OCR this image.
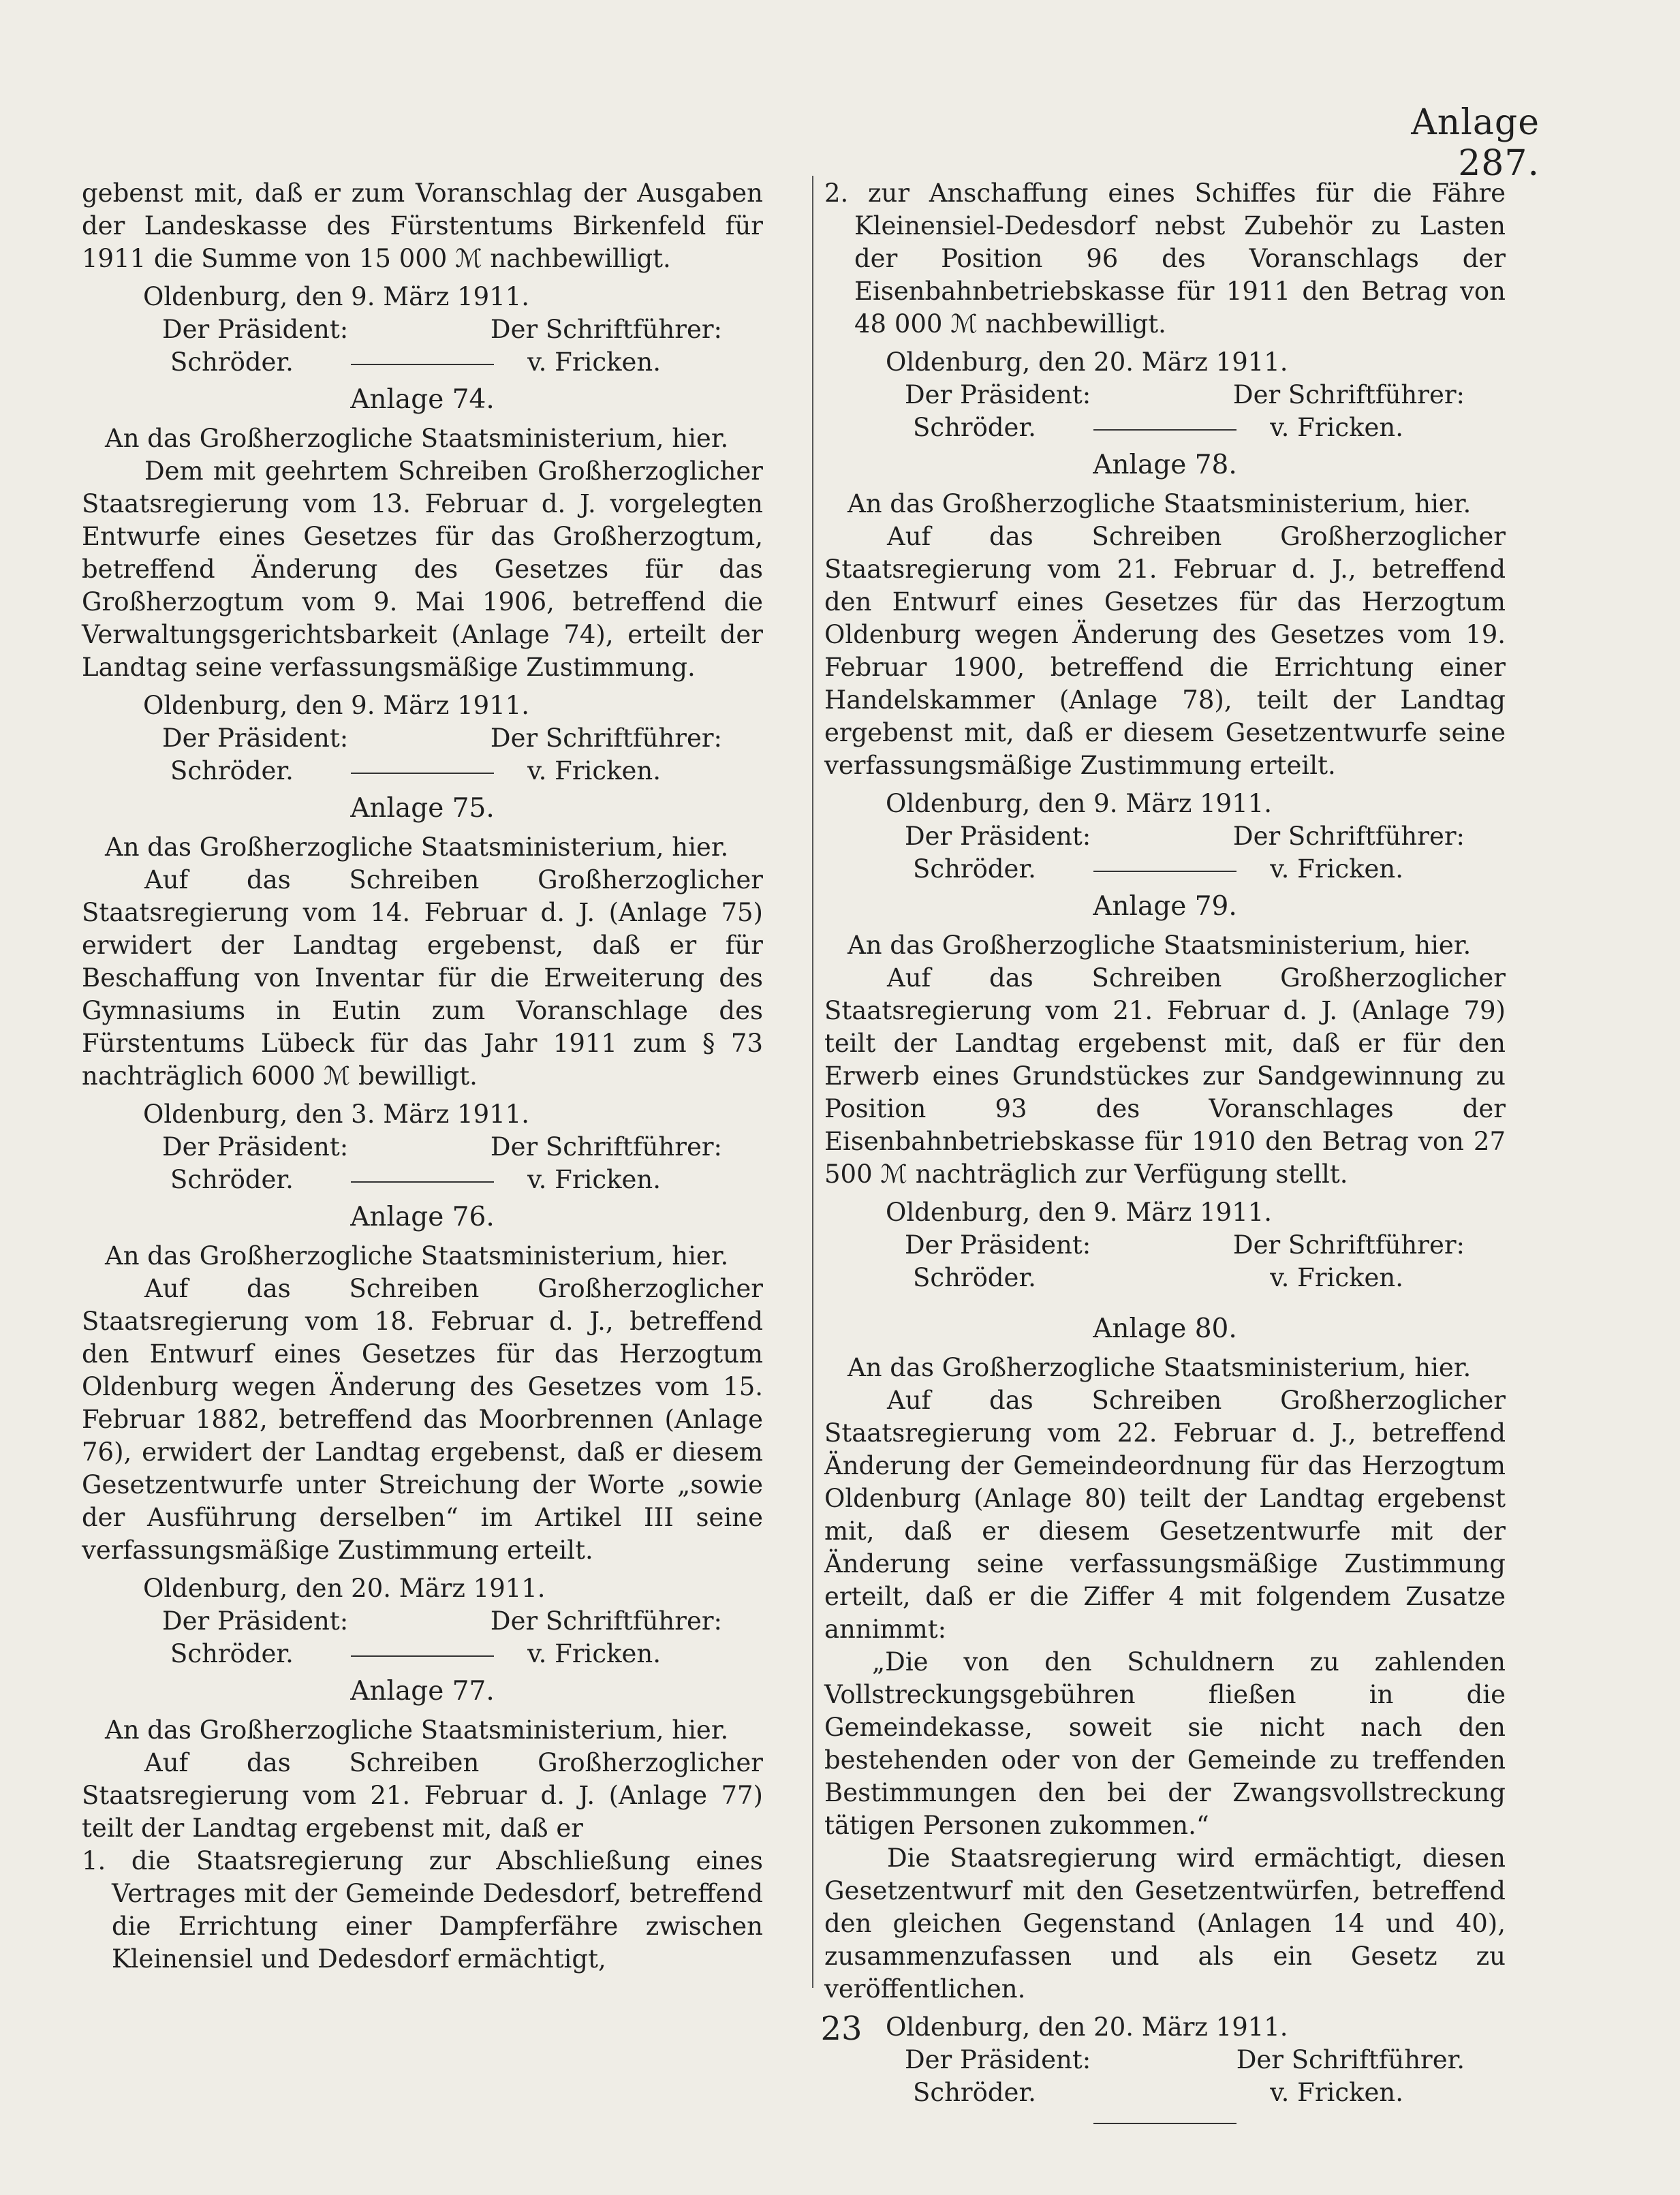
Anlage 287.

gebenst mit, daß er zum Voranschlag der Ausgaben der Landeskasse des Fürstentums Birkenfeld für 1911 die Summe von 15 000 ℳ nachbewilligt.

Oldenburg, den 9. März 1911.
Der Präsident:	Der Schriftführer:
Schröder.	v. Fricken.
Anlage 74.
An das Großherzogliche Staatsministerium, hier.

Dem mit geehrtem Schreiben Großherzoglicher Staatsregierung vom 13. Februar d. J. vorgelegten Entwurfe eines Gesetzes für das Großherzogtum, betreffend Änderung des Gesetzes für das Großherzogtum vom 9. Mai 1906, betreffend die Verwaltungsgerichtsbarkeit (Anlage 74), erteilt der Landtag seine verfassungsmäßige Zustimmung.

Oldenburg, den 9. März 1911.
Der Präsident:	Der Schriftführer:
Schröder.	v. Fricken.
Anlage 75.
An das Großherzogliche Staatsministerium, hier.

Auf das Schreiben Großherzoglicher Staatsregierung vom 14. Februar d. J. (Anlage 75) erwidert der Landtag ergebenst, daß er für Beschaffung von Inventar für die Erweiterung des Gymnasiums in Eutin zum Voranschlage des Fürstentums Lübeck für das Jahr 1911 zum § 73 nachträglich 6000 ℳ bewilligt.

Oldenburg, den 3. März 1911.
Der Präsident:	Der Schriftführer:
Schröder.	v. Fricken.
Anlage 76.
An das Großherzogliche Staatsministerium, hier.

Auf das Schreiben Großherzoglicher Staatsregierung vom 18. Februar d. J., betreffend den Entwurf eines Gesetzes für das Herzogtum Oldenburg wegen Änderung des Gesetzes vom 15. Februar 1882, betreffend das Moorbrennen (Anlage 76), erwidert der Landtag ergebenst, daß er diesem Gesetzentwurfe unter Streichung der Worte „sowie der Ausführung derselben“ im Artikel III seine verfassungsmäßige Zustimmung erteilt.

Oldenburg, den 20. März 1911.
Der Präsident:	Der Schriftführer:
Schröder.	v. Fricken.
Anlage 77.
An das Großherzogliche Staatsministerium, hier.

Auf das Schreiben Großherzoglicher Staatsregierung vom 21. Februar d. J. (Anlage 77) teilt der Landtag ergebenst mit, daß er

1. die Staatsregierung zur Abschließung eines Vertrages mit der Gemeinde Dedesdorf, betreffend die Errichtung einer Dampferfähre zwischen Kleinensiel und Dedesdorf ermächtigt,

2. zur Anschaffung eines Schiffes für die Fähre Kleinensiel-Dedesdorf nebst Zubehör zu Lasten der Position 96 des Voranschlags der Eisenbahnbetriebskasse für 1911 den Betrag von 48 000 ℳ nachbewilligt.

Oldenburg, den 20. März 1911.
Der Präsident:	Der Schriftführer:
Schröder.	v. Fricken.
Anlage 78.
An das Großherzogliche Staatsministerium, hier.

Auf das Schreiben Großherzoglicher Staatsregierung vom 21. Februar d. J., betreffend den Entwurf eines Gesetzes für das Herzogtum Oldenburg wegen Änderung des Gesetzes vom 19. Februar 1900, betreffend die Errichtung einer Handelskammer (Anlage 78), teilt der Landtag ergebenst mit, daß er diesem Gesetzentwurfe seine verfassungsmäßige Zustimmung erteilt.

Oldenburg, den 9. März 1911.
Der Präsident:	Der Schriftführer:
Schröder.	v. Fricken.
Anlage 79.
An das Großherzogliche Staatsministerium, hier.

Auf das Schreiben Großherzoglicher Staatsregierung vom 21. Februar d. J. (Anlage 79) teilt der Landtag ergebenst mit, daß er für den Erwerb eines Grundstückes zur Sandgewinnung zu Position 93 des Voranschlages der Eisenbahnbetriebskasse für 1910 den Betrag von 27 500 ℳ nachträglich zur Verfügung stellt.

Oldenburg, den 9. März 1911.
Der Präsident:	Der Schriftführer:
Schröder.	v. Fricken.
Anlage 80.
An das Großherzogliche Staatsministerium, hier.

Auf das Schreiben Großherzoglicher Staatsregierung vom 22. Februar d. J., betreffend Änderung der Gemeindeordnung für das Herzogtum Oldenburg (Anlage 80) teilt der Landtag ergebenst mit, daß er diesem Gesetzentwurfe mit der Änderung seine verfassungsmäßige Zustimmung erteilt, daß er die Ziffer 4 mit folgendem Zusatze annimmt:

„Die von den Schuldnern zu zahlenden Vollstreckungsgebühren fließen in die Gemeindekasse, soweit sie nicht nach den bestehenden oder von der Gemeinde zu treffenden Bestimmungen den bei der Zwangsvollstreckung tätigen Personen zukommen.“

Die Staatsregierung wird ermächtigt, diesen Gesetzentwurf mit den Gesetzentwürfen, betreffend den gleichen Gegenstand (Anlagen 14 und 40), zusammenzufassen und als ein Gesetz zu veröffentlichen.

Oldenburg, den 20. März 1911.
Der Präsident:	Der Schriftführer.
Schröder.	v. Fricken.
23
